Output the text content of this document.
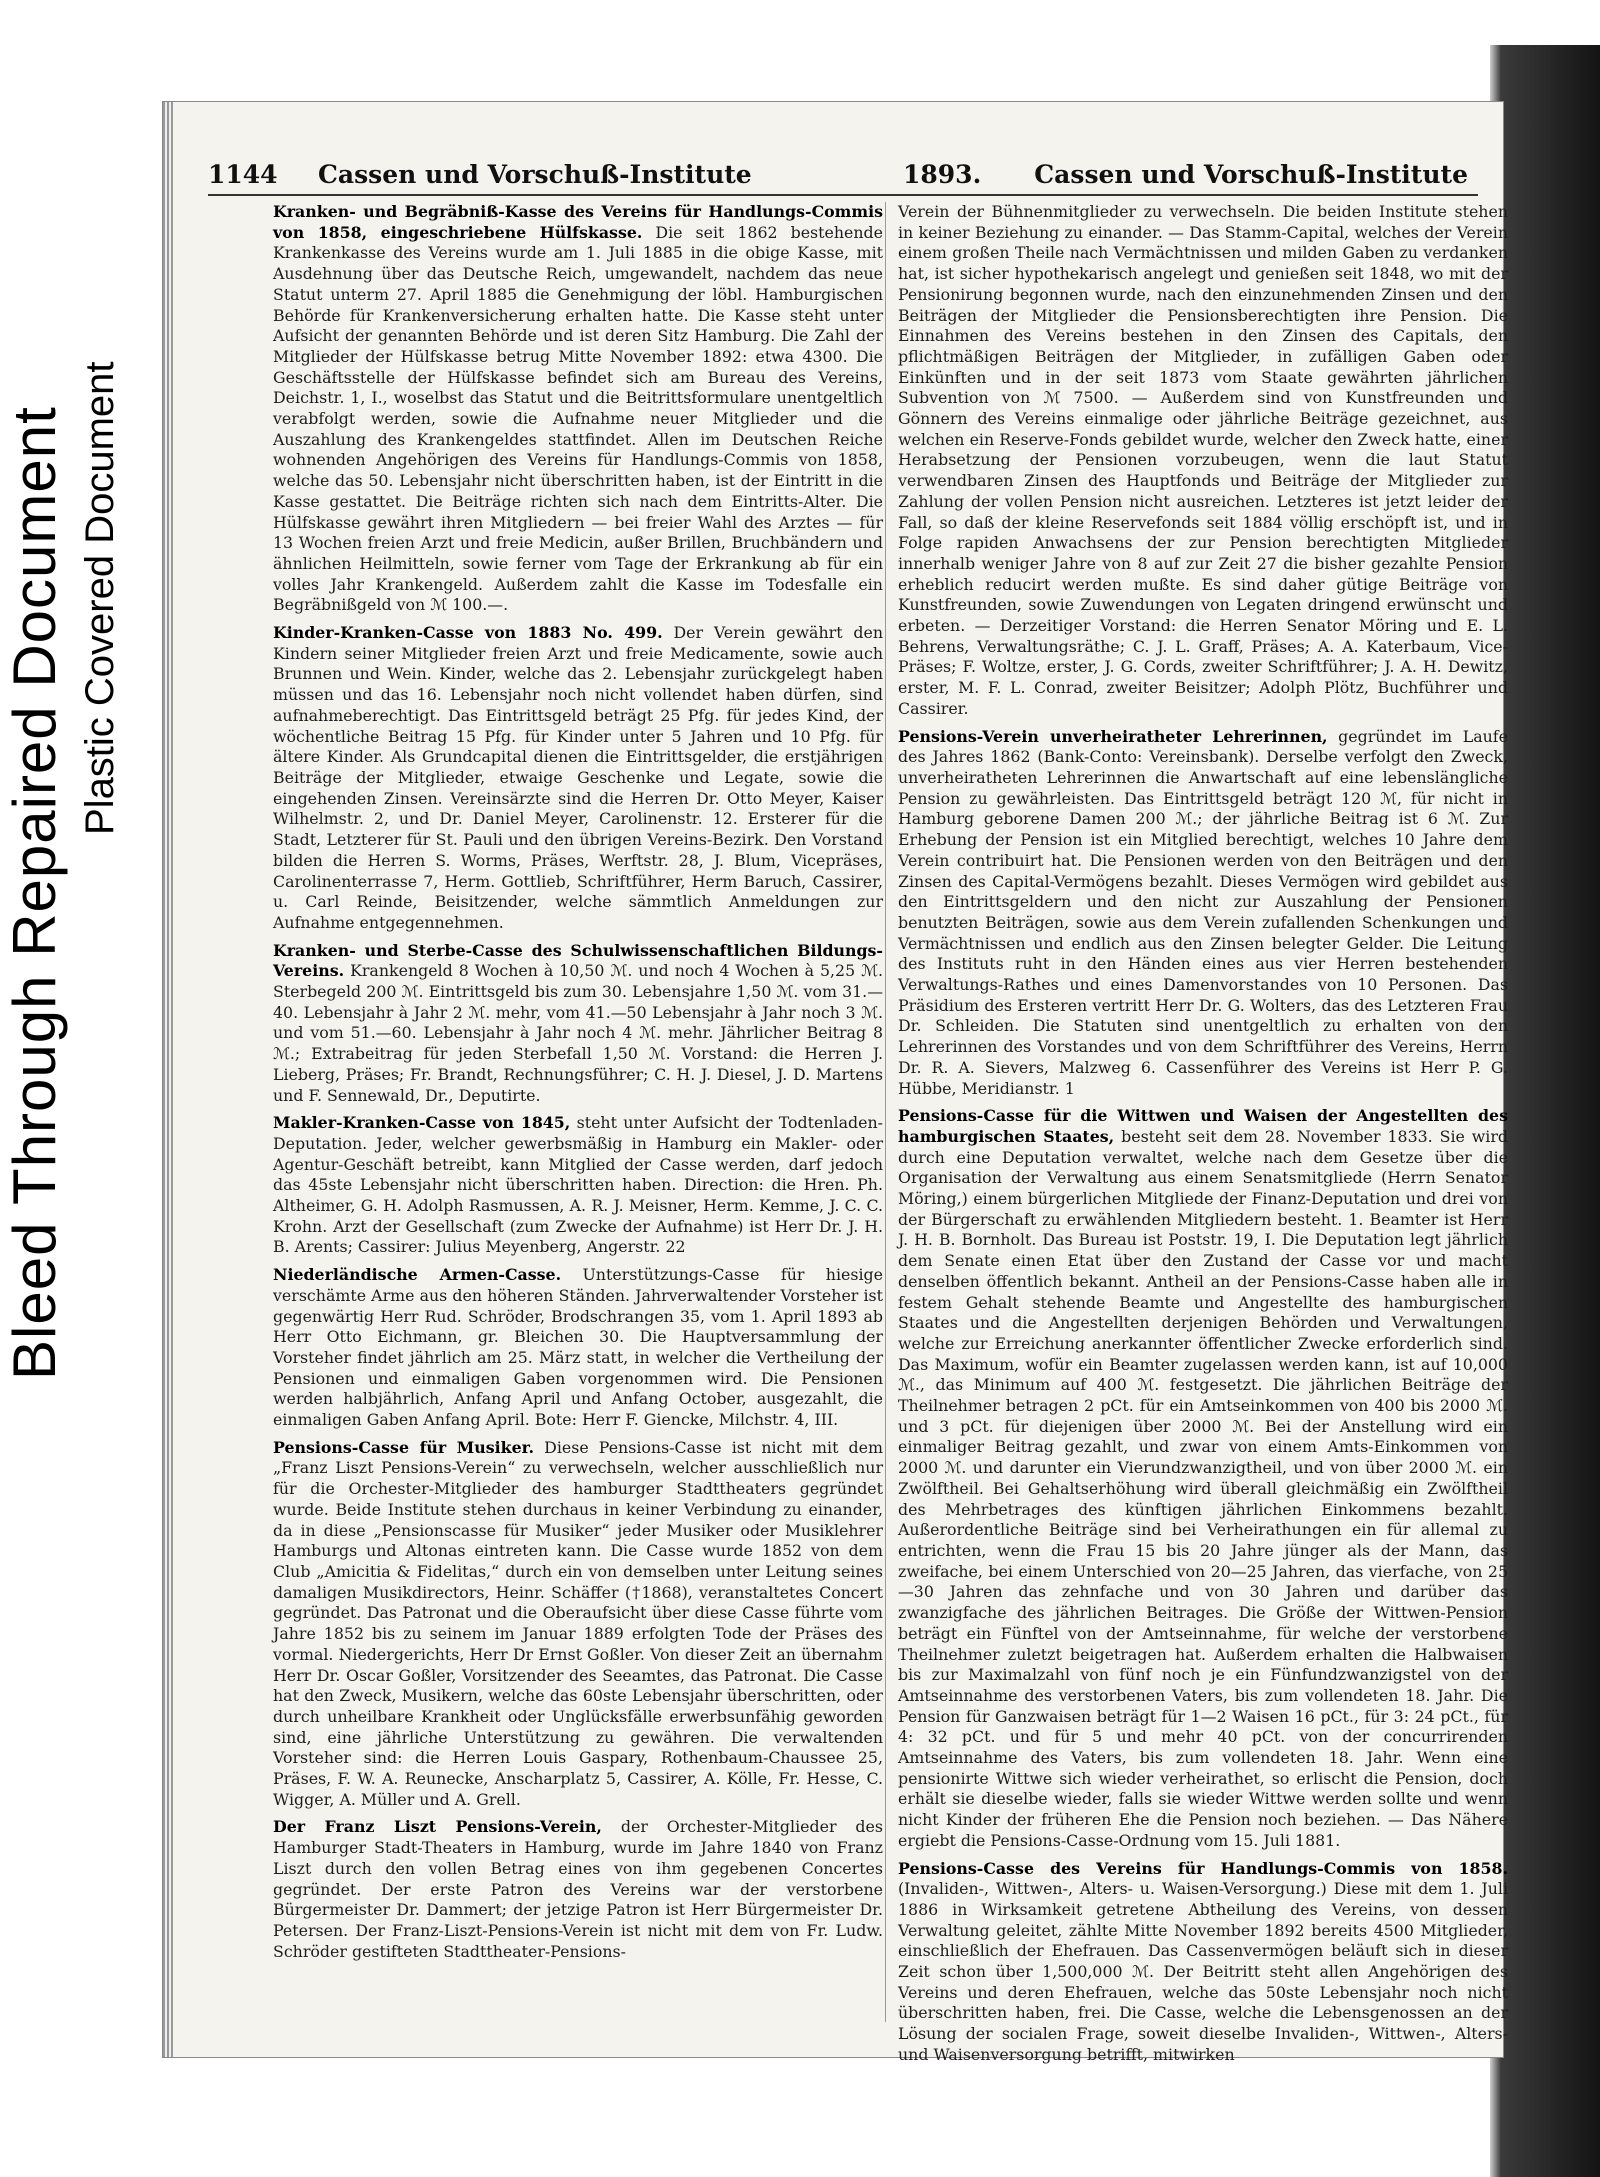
Bleed Through Repaired Document Plastic Covered Document
1144 Cassen und Vorschuß-Institute	1893. Cassen und Vorschuß-Institute

Kranken- und Begräbniß-Kasse des Vereins für Handlungs-Commis von 1858, eingeschriebene Hülfskasse. Die seit 1862 bestehende Krankenkasse des Vereins wurde am 1. Juli 1885 in die obige Kasse, mit Ausdehnung über das Deutsche Reich, umgewandelt, nachdem das neue Statut unterm 27. April 1885 die Genehmigung der löbl. Hamburgischen Behörde für Krankenversicherung erhalten hatte. Die Kasse steht unter Aufsicht der genannten Behörde und ist deren Sitz Hamburg. Die Zahl der Mitglieder der Hülfskasse betrug Mitte November 1892: etwa 4300. Die Geschäftsstelle der Hülfskasse befindet sich am Bureau des Vereins, Deichstr. 1, I., woselbst das Statut und die Beitrittsformulare unentgeltlich verabfolgt werden, sowie die Aufnahme neuer Mitglieder und die Auszahlung des Krankengeldes stattfindet. Allen im Deutschen Reiche wohnenden Angehörigen des Vereins für Handlungs-Commis von 1858, welche das 50. Lebensjahr nicht überschritten haben, ist der Eintritt in die Kasse gestattet. Die Beiträge richten sich nach dem Eintritts-Alter. Die Hülfskasse gewährt ihren Mitgliedern — bei freier Wahl des Arztes — für 13 Wochen freien Arzt und freie Medicin, außer Brillen, Bruchbändern und ähnlichen Heilmitteln, sowie ferner vom Tage der Erkrankung ab für ein volles Jahr Krankengeld. Außerdem zahlt die Kasse im Todesfalle ein Begräbnißgeld von ℳ 100.—.

Kinder-Kranken-Casse von 1883 No. 499. Der Verein gewährt den Kindern seiner Mitglieder freien Arzt und freie Medicamente, sowie auch Brunnen und Wein. Kinder, welche das 2. Lebensjahr zurückgelegt haben müssen und das 16. Lebensjahr noch nicht vollendet haben dürfen, sind aufnahmeberechtigt. Das Eintrittsgeld beträgt 25 Pfg. für jedes Kind, der wöchentliche Beitrag 15 Pfg. für Kinder unter 5 Jahren und 10 Pfg. für ältere Kinder. Als Grundcapital dienen die Eintrittsgelder, die erstjährigen Beiträge der Mitglieder, etwaige Geschenke und Legate, sowie die eingehenden Zinsen. Vereinsärzte sind die Herren Dr. Otto Meyer, Kaiser Wilhelmstr. 2, und Dr. Daniel Meyer, Carolinenstr. 12. Ersterer für die Stadt, Letzterer für St. Pauli und den übrigen Vereins-Bezirk. Den Vorstand bilden die Herren S. Worms, Präses, Werftstr. 28, J. Blum, Vicepräses, Carolinenterrasse 7, Herm. Gottlieb, Schriftführer, Herm Baruch, Cassirer, u. Carl Reinde, Beisitzender, welche sämmtlich Anmeldungen zur Aufnahme entgegennehmen.

Kranken- und Sterbe-Casse des Schulwissenschaftlichen Bildungs-Vereins. Krankengeld 8 Wochen à 10,50 ℳ. und noch 4 Wochen à 5,25 ℳ. Sterbegeld 200 ℳ. Eintrittsgeld bis zum 30. Lebensjahre 1,50 ℳ. vom 31.—40. Lebensjahr à Jahr 2 ℳ. mehr, vom 41.—50 Lebensjahr à Jahr noch 3 ℳ. und vom 51.—60. Lebensjahr à Jahr noch 4 ℳ. mehr. Jährlicher Beitrag 8 ℳ.; Extrabeitrag für jeden Sterbefall 1,50 ℳ. Vorstand: die Herren J. Lieberg, Präses; Fr. Brandt, Rechnungsführer; C. H. J. Diesel, J. D. Martens und F. Sennewald, Dr., Deputirte.

Makler-Kranken-Casse von 1845, steht unter Aufsicht der Todtenladen-Deputation. Jeder, welcher gewerbsmäßig in Hamburg ein Makler- oder Agentur-Geschäft betreibt, kann Mitglied der Casse werden, darf jedoch das 45ste Lebensjahr nicht überschritten haben. Direction: die Hren. Ph. Altheimer, G. H. Adolph Rasmussen, A. R. J. Meisner, Herm. Kemme, J. C. C. Krohn. Arzt der Gesellschaft (zum Zwecke der Aufnahme) ist Herr Dr. J. H. B. Arents; Cassirer: Julius Meyenberg, Angerstr. 22

Niederländische Armen-Casse. Unterstützungs-Casse für hiesige verschämte Arme aus den höheren Ständen. Jahrverwaltender Vorsteher ist gegenwärtig Herr Rud. Schröder, Brodschrangen 35, vom 1. April 1893 ab Herr Otto Eichmann, gr. Bleichen 30. Die Hauptversammlung der Vorsteher findet jährlich am 25. März statt, in welcher die Vertheilung der Pensionen und einmaligen Gaben vorgenommen wird. Die Pensionen werden halbjährlich, Anfang April und Anfang October, ausgezahlt, die einmaligen Gaben Anfang April. Bote: Herr F. Giencke, Milchstr. 4, III.

Pensions-Casse für Musiker. Diese Pensions-Casse ist nicht mit dem „Franz Liszt Pensions-Verein“ zu verwechseln, welcher ausschließlich nur für die Orchester-Mitglieder des hamburger Stadttheaters gegründet wurde. Beide Institute stehen durchaus in keiner Verbindung zu einander, da in diese „Pensionscasse für Musiker“ jeder Musiker oder Musiklehrer Hamburgs und Altonas eintreten kann. Die Casse wurde 1852 von dem Club „Amicitia & Fidelitas,“ durch ein von demselben unter Leitung seines damaligen Musikdirectors, Heinr. Schäffer (†1868), veranstaltetes Concert gegründet. Das Patronat und die Oberaufsicht über diese Casse führte vom Jahre 1852 bis zu seinem im Januar 1889 erfolgten Tode der Präses des vormal. Niedergerichts, Herr Dr Ernst Goßler. Von dieser Zeit an übernahm Herr Dr. Oscar Goßler, Vorsitzender des Seeamtes, das Patronat. Die Casse hat den Zweck, Musikern, welche das 60ste Lebensjahr überschritten, oder durch unheilbare Krankheit oder Unglücksfälle erwerbsunfähig geworden sind, eine jährliche Unterstützung zu gewähren. Die verwaltenden Vorsteher sind: die Herren Louis Gaspary, Rothenbaum-Chaussee 25, Präses, F. W. A. Reunecke, Anscharplatz 5, Cassirer, A. Kölle, Fr. Hesse, C. Wigger, A. Müller und A. Grell.

Der Franz Liszt Pensions-Verein, der Orchester-Mitglieder des Hamburger Stadt-Theaters in Hamburg, wurde im Jahre 1840 von Franz Liszt durch den vollen Betrag eines von ihm gegebenen Concertes gegründet. Der erste Patron des Vereins war der verstorbene Bürgermeister Dr. Dammert; der jetzige Patron ist Herr Bürgermeister Dr. Petersen. Der Franz-Liszt-Pensions-Verein ist nicht mit dem von Fr. Ludw. Schröder gestifteten Stadttheater-Pensions-

Verein der Bühnenmitglieder zu verwechseln. Die beiden Institute stehen in keiner Beziehung zu einander. — Das Stamm-Capital, welches der Verein einem großen Theile nach Vermächtnissen und milden Gaben zu verdanken hat, ist sicher hypothekarisch angelegt und genießen seit 1848, wo mit der Pensionirung begonnen wurde, nach den einzunehmenden Zinsen und den Beiträgen der Mitglieder die Pensionsberechtigten ihre Pension. Die Einnahmen des Vereins bestehen in den Zinsen des Capitals, den pflichtmäßigen Beiträgen der Mitglieder, in zufälligen Gaben oder Einkünften und in der seit 1873 vom Staate gewährten jährlichen Subvention von ℳ 7500. — Außerdem sind von Kunstfreunden und Gönnern des Vereins einmalige oder jährliche Beiträge gezeichnet, aus welchen ein Reserve-Fonds gebildet wurde, welcher den Zweck hatte, einer Herabsetzung der Pensionen vorzubeugen, wenn die laut Statut verwendbaren Zinsen des Hauptfonds und Beiträge der Mitglieder zur Zahlung der vollen Pension nicht ausreichen. Letzteres ist jetzt leider der Fall, so daß der kleine Reservefonds seit 1884 völlig erschöpft ist, und in Folge rapiden Anwachsens der zur Pension berechtigten Mitglieder innerhalb weniger Jahre von 8 auf zur Zeit 27 die bisher gezahlte Pension erheblich reducirt werden mußte. Es sind daher gütige Beiträge von Kunstfreunden, sowie Zuwendungen von Legaten dringend erwünscht und erbeten. — Derzeitiger Vorstand: die Herren Senator Möring und E. L. Behrens, Verwaltungsräthe; C. J. L. Graff, Präses; A. A. Katerbaum, Vice-Präses; F. Woltze, erster, J. G. Cords, zweiter Schriftführer; J. A. H. Dewitz, erster, M. F. L. Conrad, zweiter Beisitzer; Adolph Plötz, Buchführer und Cassirer.

Pensions-Verein unverheiratheter Lehrerinnen, gegründet im Laufe des Jahres 1862 (Bank-Conto: Vereinsbank). Derselbe verfolgt den Zweck, unverheiratheten Lehrerinnen die Anwartschaft auf eine lebenslängliche Pension zu gewährleisten. Das Eintrittsgeld beträgt 120 ℳ, für nicht in Hamburg geborene Damen 200 ℳ.; der jährliche Beitrag ist 6 ℳ. Zur Erhebung der Pension ist ein Mitglied berechtigt, welches 10 Jahre dem Verein contribuirt hat. Die Pensionen werden von den Beiträgen und den Zinsen des Capital-Vermögens bezahlt. Dieses Vermögen wird gebildet aus den Eintrittsgeldern und den nicht zur Auszahlung der Pensionen benutzten Beiträgen, sowie aus dem Verein zufallenden Schenkungen und Vermächtnissen und endlich aus den Zinsen belegter Gelder. Die Leitung des Instituts ruht in den Händen eines aus vier Herren bestehenden Verwaltungs-Rathes und eines Damenvorstandes von 10 Personen. Das Präsidium des Ersteren vertritt Herr Dr. G. Wolters, das des Letzteren Frau Dr. Schleiden. Die Statuten sind unentgeltlich zu erhalten von den Lehrerinnen des Vorstandes und von dem Schriftführer des Vereins, Herrn Dr. R. A. Sievers, Malzweg 6. Cassenführer des Vereins ist Herr P. G. Hübbe, Meridianstr. 1

Pensions-Casse für die Wittwen und Waisen der Angestellten des hamburgischen Staates, besteht seit dem 28. November 1833. Sie wird durch eine Deputation verwaltet, welche nach dem Gesetze über die Organisation der Verwaltung aus einem Senatsmitgliede (Herrn Senator Möring,) einem bürgerlichen Mitgliede der Finanz-Deputation und drei von der Bürgerschaft zu erwählenden Mitgliedern besteht. 1. Beamter ist Herr J. H. B. Bornholt. Das Bureau ist Poststr. 19, I. Die Deputation legt jährlich dem Senate einen Etat über den Zustand der Casse vor und macht denselben öffentlich bekannt. Antheil an der Pensions-Casse haben alle in festem Gehalt stehende Beamte und Angestellte des hamburgischen Staates und die Angestellten derjenigen Behörden und Verwaltungen, welche zur Erreichung anerkannter öffentlicher Zwecke erforderlich sind. Das Maximum, wofür ein Beamter zugelassen werden kann, ist auf 10,000 ℳ., das Minimum auf 400 ℳ. festgesetzt. Die jährlichen Beiträge der Theilnehmer betragen 2 pCt. für ein Amtseinkommen von 400 bis 2000 ℳ. und 3 pCt. für diejenigen über 2000 ℳ. Bei der Anstellung wird ein einmaliger Beitrag gezahlt, und zwar von einem Amts-Einkommen von 2000 ℳ. und darunter ein Vierundzwanzigtheil, und von über 2000 ℳ. ein Zwölftheil. Bei Gehaltserhöhung wird überall gleichmäßig ein Zwölftheil des Mehrbetrages des künftigen jährlichen Einkommens bezahlt. Außerordentliche Beiträge sind bei Verheirathungen ein für allemal zu entrichten, wenn die Frau 15 bis 20 Jahre jünger als der Mann, das zweifache, bei einem Unterschied von 20—25 Jahren, das vierfache, von 25—30 Jahren das zehnfache und von 30 Jahren und darüber das zwanzigfache des jährlichen Beitrages. Die Größe der Wittwen-Pension beträgt ein Fünftel von der Amtseinnahme, für welche der verstorbene Theilnehmer zuletzt beigetragen hat. Außerdem erhalten die Halbwaisen bis zur Maximalzahl von fünf noch je ein Fünfundzwanzigstel von der Amtseinnahme des verstorbenen Vaters, bis zum vollendeten 18. Jahr. Die Pension für Ganzwaisen beträgt für 1—2 Waisen 16 pCt., für 3: 24 pCt., für 4: 32 pCt. und für 5 und mehr 40 pCt. von der concurrirenden Amtseinnahme des Vaters, bis zum vollendeten 18. Jahr. Wenn eine pensionirte Wittwe sich wieder verheirathet, so erlischt die Pension, doch erhält sie dieselbe wieder, falls sie wieder Wittwe werden sollte und wenn nicht Kinder der früheren Ehe die Pension noch beziehen. — Das Nähere ergiebt die Pensions-Casse-Ordnung vom 15. Juli 1881.

Pensions-Casse des Vereins für Handlungs-Commis von 1858. (Invaliden-, Wittwen-, Alters- u. Waisen-Versorgung.) Diese mit dem 1. Juli 1886 in Wirksamkeit getretene Abtheilung des Vereins, von dessen Verwaltung geleitet, zählte Mitte November 1892 bereits 4500 Mitglieder, einschließlich der Ehefrauen. Das Cassenvermögen beläuft sich in dieser Zeit schon über 1,500,000 ℳ. Der Beitritt steht allen Angehörigen des Vereins und deren Ehefrauen, welche das 50ste Lebensjahr noch nicht überschritten haben, frei. Die Casse, welche die Lebensgenossen an der Lösung der socialen Frage, soweit dieselbe Invaliden-, Wittwen-, Alters- und Waisenversorgung betrifft, mitwirken
